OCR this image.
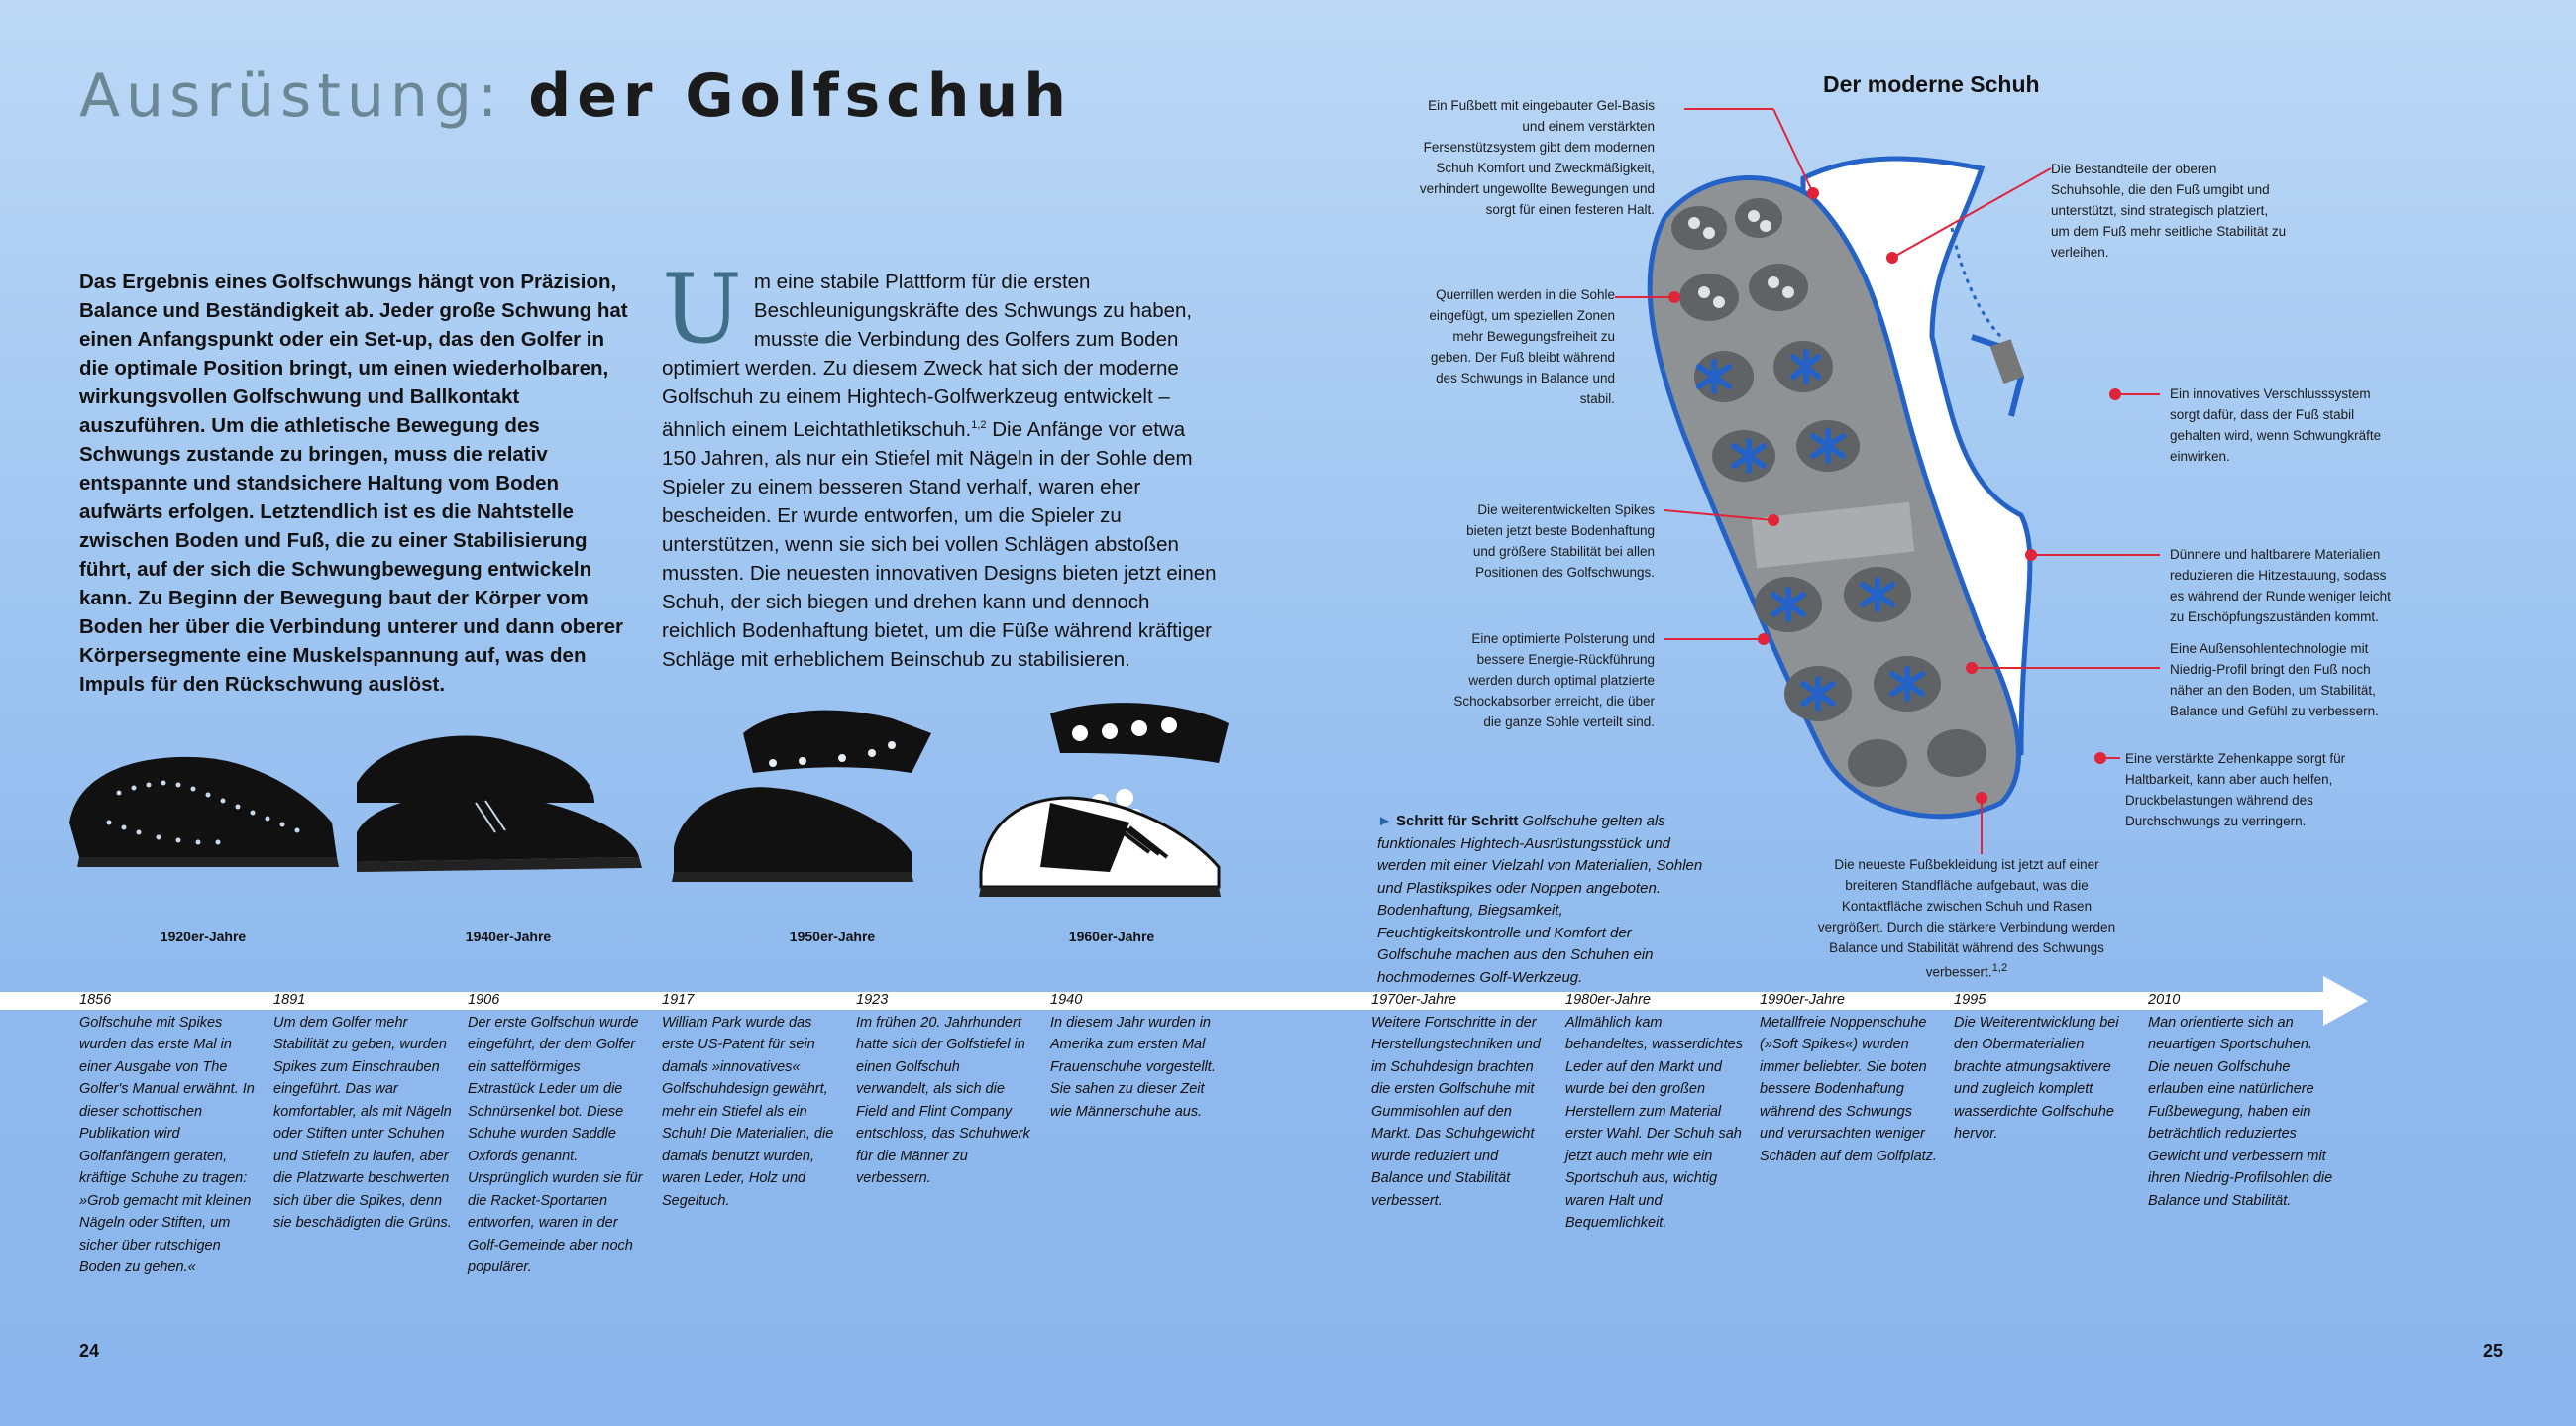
Ausrüstung: der Golfschuh
Das Ergebnis eines Golfschwungs hängt von Präzision, Balance und Beständigkeit ab. Jeder große Schwung hat einen Anfangspunkt oder ein Set-up, das den Golfer in die optimale Position bringt, um einen wiederholbaren, wirkungsvollen Golfschwung und Ballkontakt auszuführen. Um die athletische Bewegung des Schwungs zustande zu bringen, muss die relativ entspannte und standsichere Haltung vom Boden aufwärts erfolgen. Letztendlich ist es die Nahtstelle zwischen Boden und Fuß, die zu einer Stabilisierung führt, auf der sich die Schwungbewegung entwickeln kann. Zu Beginn der Bewegung baut der Körper vom Boden her über die Verbindung unterer und dann oberer Körpersegmente eine Muskelspannung auf, was den Impuls für den Rückschwung auslöst.
Um eine stabile Plattform für die ersten Beschleunigungskräfte des Schwungs zu haben, musste die Verbindung des Golfers zum Boden optimiert werden. Zu diesem Zweck hat sich der moderne Golfschuh zu einem Hightech-Golfwerkzeug entwickelt – ähnlich einem Leichtathletikschuh.$^{1,2}$ Die Anfänge vor etwa 150 Jahren, als nur ein Stiefel mit Nägeln in der Sohle dem Spieler zu einem besseren Stand verhalf, waren eher bescheiden. Er wurde entworfen, um die Spieler zu unterstützen, wenn sie sich bei vollen Schlägen abstoßen mussten. Die neuesten innovativen Designs bieten jetzt einen Schuh, der sich biegen und drehen kann und dennoch reichlich Bodenhaftung bietet, um die Füße während kräftiger Schläge mit erheblichem Beinschub zu stabilisieren.
1920er-Jahre	1940er-Jahre	1950er-Jahre	1960er-Jahre
Der moderne Schuh
Ein Fußbett mit eingebauter Gel-Basis und einem verstärkten Fersenstützsystem gibt dem modernen Schuh Komfort und Zweckmäßigkeit, verhindert ungewollte Bewegungen und sorgt für einen festeren Halt.
Querrillen werden in die Sohle eingefügt, um speziellen Zonen mehr Bewegungsfreiheit zu geben. Der Fuß bleibt während des Schwungs in Balance und stabil.
Die weiterentwickelten Spikes bieten jetzt beste Bodenhaftung und größere Stabilität bei allen Positionen des Golfschwungs.
Eine optimierte Polsterung und bessere Energie-Rückführung werden durch optimal platzierte Schockabsorber erreicht, die über die ganze Sohle verteilt sind.
Die Bestandteile der oberen Schuhsohle, die den Fuß umgibt und unterstützt, sind strategisch platziert, um dem Fuß mehr seitliche Stabilität zu verleihen.
Ein innovatives Verschlusssystem sorgt dafür, dass der Fuß stabil gehalten wird, wenn Schwungkräfte einwirken.
Dünnere und haltbarere Materialien reduzieren die Hitzestauung, sodass es während der Runde weniger leicht zu Erschöpfungszuständen kommt.
Eine Außensohlentechnologie mit Niedrig-Profil bringt den Fuß noch näher an den Boden, um Stabilität, Balance und Gefühl zu verbessern.
Eine verstärkte Zehenkappe sorgt für Haltbarkeit, kann aber auch helfen, Druckbelastungen während des Durchschwungs zu verringern.
Die neueste Fußbekleidung ist jetzt auf einer breiteren Standfläche aufgebaut, was die Kontaktfläche zwischen Schuh und Rasen vergrößert. Durch die stärkere Verbindung werden Balance und Stabilität während des Schwungs verbessert.$^{1,2}$
► Schritt für Schritt Golfschuhe gelten als funktionales Hightech-Ausrüstungsstück und werden mit einer Vielzahl von Materialien, Sohlen und Plastikspikes oder Noppen angeboten. Bodenhaftung, Biegsamkeit, Feuchtigkeitskontrolle und Komfort der Golfschuhe machen aus den Schuhen ein hochmodernes Golf-Werkzeug.
1856
Golfschuhe mit Spikes wurden das erste Mal in einer Ausgabe von The Golfer's Manual erwähnt. In dieser schottischen Publikation wird Golfanfängern geraten, kräftige Schuhe zu tragen: »Grob gemacht mit kleinen Nägeln oder Stiften, um sicher über rutschigen Boden zu gehen.«
1891
Um dem Golfer mehr Stabilität zu geben, wurden Spikes zum Einschrauben eingeführt. Das war komfortabler, als mit Nägeln oder Stiften unter Schuhen und Stiefeln zu laufen, aber die Platzwarte beschwerten sich über die Spikes, denn sie beschädigten die Grüns.
1906
Der erste Golfschuh wurde eingeführt, der dem Golfer ein sattelförmiges Extrastück Leder um die Schnürsenkel bot. Diese Schuhe wurden Saddle Oxfords genannt. Ursprünglich wurden sie für die Racket-Sportarten entworfen, waren in der Golf-Gemeinde aber noch populärer.
1917
William Park wurde das erste US-Patent für sein damals »innovatives« Golfschuhdesign gewährt, mehr ein Stiefel als ein Schuh! Die Materialien, die damals benutzt wurden, waren Leder, Holz und Segeltuch.
1923
Im frühen 20. Jahrhundert hatte sich der Golfstiefel in einen Golfschuh verwandelt, als sich die Field and Flint Company entschloss, das Schuhwerk für die Männer zu verbessern.
1940
In diesem Jahr wurden in Amerika zum ersten Mal Frauenschuhe vorgestellt. Sie sahen zu dieser Zeit wie Männerschuhe aus.
1970er-Jahre
Weitere Fortschritte in der Herstellungstechniken und im Schuhdesign brachten die ersten Golfschuhe mit Gummisohlen auf den Markt. Das Schuhgewicht wurde reduziert und Balance und Stabilität verbessert.
1980er-Jahre
Allmählich kam behandeltes, wasserdichtes Leder auf den Markt und wurde bei den großen Herstellern zum Material erster Wahl. Der Schuh sah jetzt auch mehr wie ein Sportschuh aus, wichtig waren Halt und Bequemlichkeit.
1990er-Jahre
Metallfreie Noppenschuhe (»Soft Spikes«) wurden immer beliebter. Sie boten bessere Bodenhaftung während des Schwungs und verursachten weniger Schäden auf dem Golfplatz.
1995
Die Weiterentwicklung bei den Obermaterialien brachte atmungsaktivere und zugleich komplett wasserdichte Golfschuhe hervor.
2010
Man orientierte sich an neuartigen Sportschuhen. Die neuen Golfschuhe erlauben eine natürlichere Fußbewegung, haben ein beträchtlich reduziertes Gewicht und verbessern mit ihren Niedrig-Profilsohlen die Balance und Stabilität.
24	25
